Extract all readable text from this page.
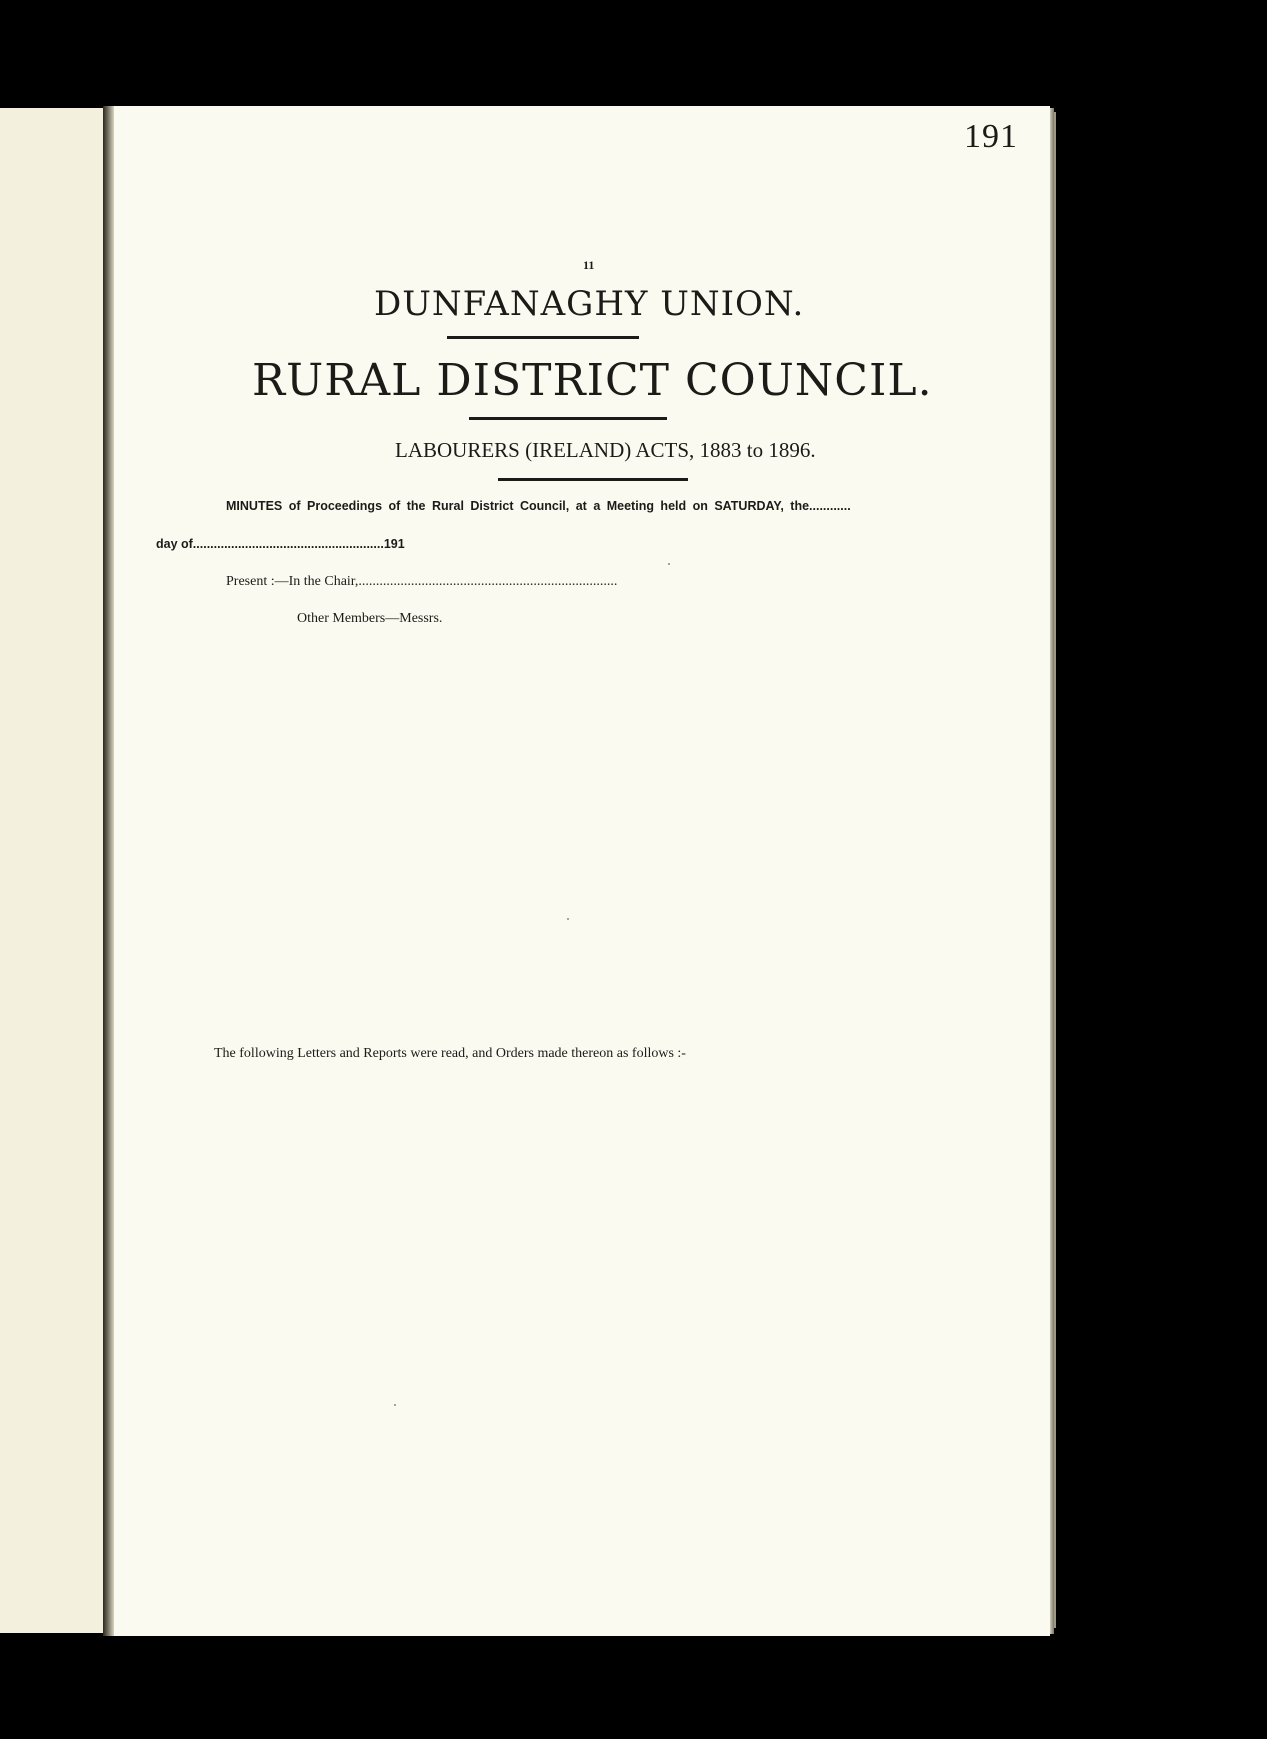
191
11
DUNFANAGHY UNION.
RURAL DISTRICT COUNCIL.
LABOURERS (IRELAND) ACTS, 1883 to 1896.
MINUTES of Proceedings of the Rural District Council, at a Meeting held on SATURDAY, the............
day of.......................................................191
Present :—In the Chair,..........................................................................
Other Members—Messrs.
The following Letters and Reports were read, and Orders made thereon as follows :-
